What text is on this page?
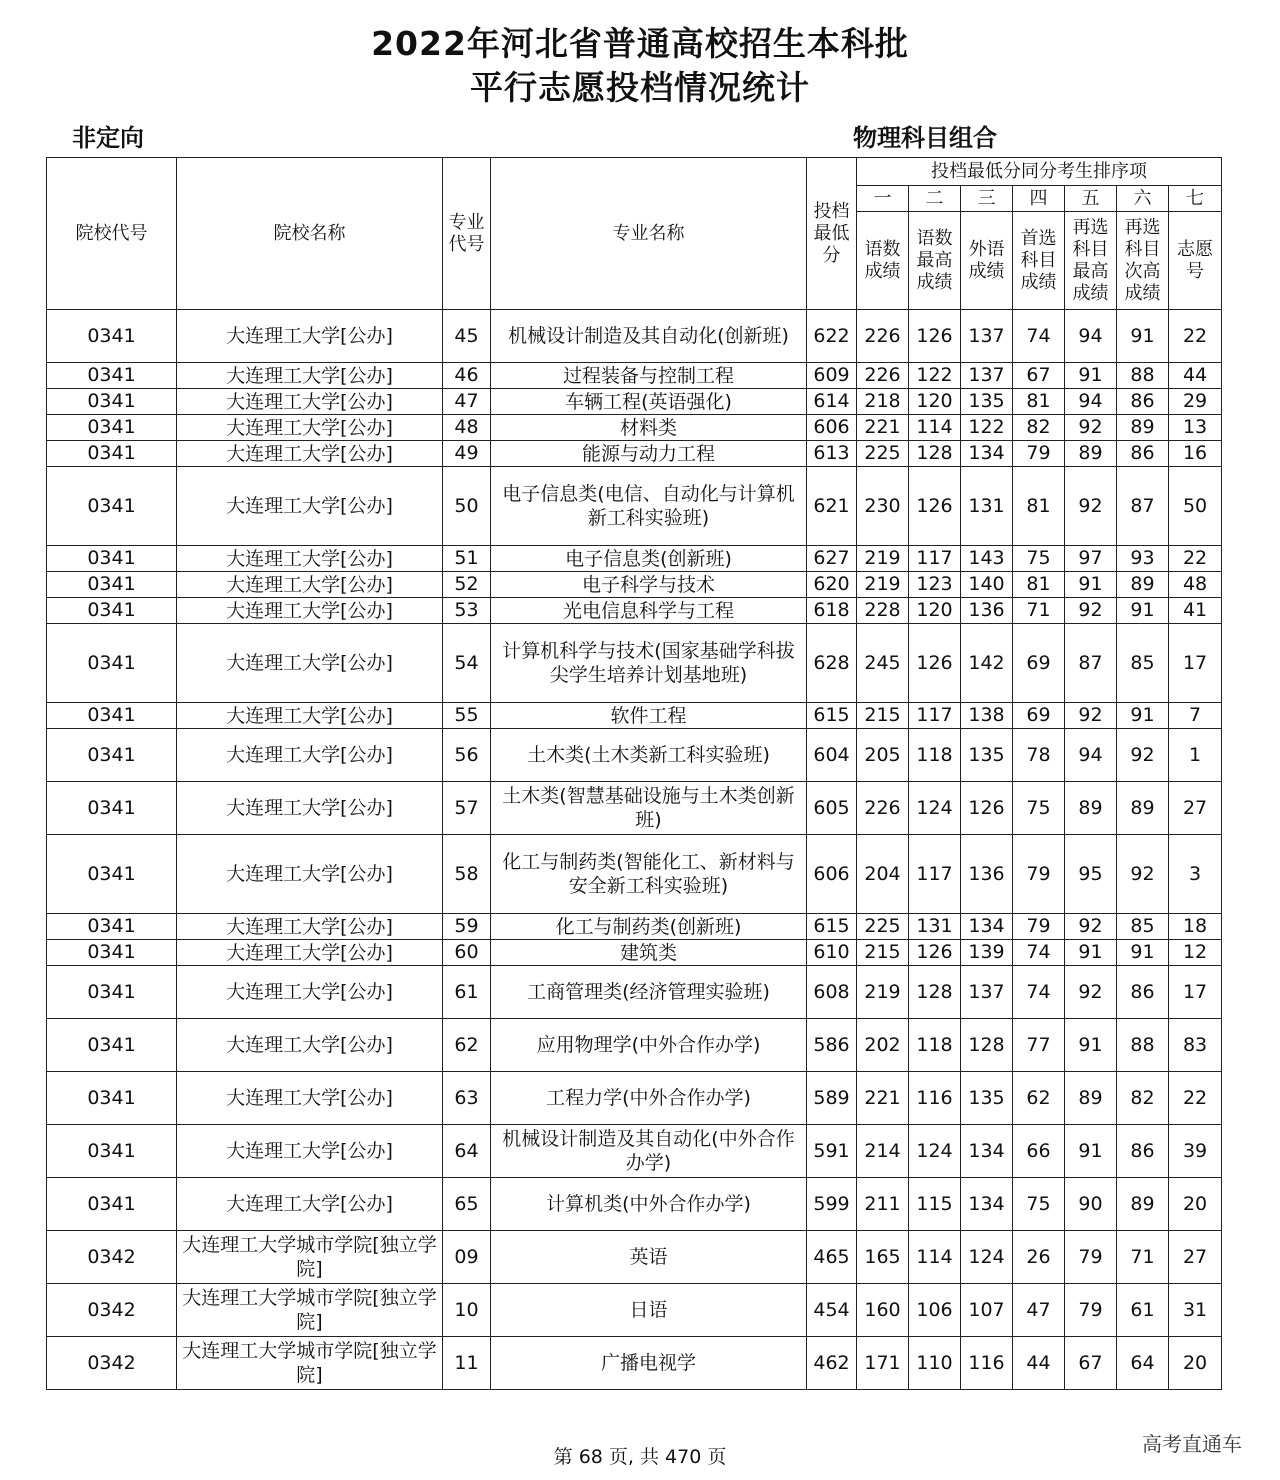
2022年河北省普通高校招生本科批
平行志愿投档情况统计
非定向	物理科目组合
院校代号	院校名称	专业代号	专业名称	投档最低分	投档最低分同分考生排序项						
					一	二	三	四	五	六	七
					语数成绩	语数最高成绩	外语成绩	首选科目成绩	再选科目最高成绩	再选科目次高成绩	志愿号
0341	大连理工大学[公办]	45	机械设计制造及其自动化(创新班)	622	226	126	137	74	94	91	22
0341	大连理工大学[公办]	46	过程装备与控制工程	609	226	122	137	67	91	88	44
0341	大连理工大学[公办]	47	车辆工程(英语强化)	614	218	120	135	81	94	86	29
0341	大连理工大学[公办]	48	材料类	606	221	114	122	82	92	89	13
0341	大连理工大学[公办]	49	能源与动力工程	613	225	128	134	79	89	86	16
0341	大连理工大学[公办]	50	电子信息类(电信、自动化与计算机新工科实验班)	621	230	126	131	81	92	87	50
0341	大连理工大学[公办]	51	电子信息类(创新班)	627	219	117	143	75	97	93	22
0341	大连理工大学[公办]	52	电子科学与技术	620	219	123	140	81	91	89	48
0341	大连理工大学[公办]	53	光电信息科学与工程	618	228	120	136	71	92	91	41
0341	大连理工大学[公办]	54	计算机科学与技术(国家基础学科拔尖学生培养计划基地班)	628	245	126	142	69	87	85	17
0341	大连理工大学[公办]	55	软件工程	615	215	117	138	69	92	91	7
0341	大连理工大学[公办]	56	土木类(土木类新工科实验班)	604	205	118	135	78	94	92	1
0341	大连理工大学[公办]	57	土木类(智慧基础设施与土木类创新班)	605	226	124	126	75	89	89	27
0341	大连理工大学[公办]	58	化工与制药类(智能化工、新材料与安全新工科实验班)	606	204	117	136	79	95	92	3
0341	大连理工大学[公办]	59	化工与制药类(创新班)	615	225	131	134	79	92	85	18
0341	大连理工大学[公办]	60	建筑类	610	215	126	139	74	91	91	12
0341	大连理工大学[公办]	61	工商管理类(经济管理实验班)	608	219	128	137	74	92	86	17
0341	大连理工大学[公办]	62	应用物理学(中外合作办学)	586	202	118	128	77	91	88	83
0341	大连理工大学[公办]	63	工程力学(中外合作办学)	589	221	116	135	62	89	82	22
0341	大连理工大学[公办]	64	机械设计制造及其自动化(中外合作办学)	591	214	124	134	66	91	86	39
0341	大连理工大学[公办]	65	计算机类(中外合作办学)	599	211	115	134	75	90	89	20
0342	大连理工大学城市学院[独立学院]	09	英语	465	165	114	124	26	79	71	27
0342	大连理工大学城市学院[独立学院]	10	日语	454	160	106	107	47	79	61	31
0342	大连理工大学城市学院[独立学院]	11	广播电视学	462	171	110	116	44	67	64	20
第 68 页, 共 470 页
高考直通车
